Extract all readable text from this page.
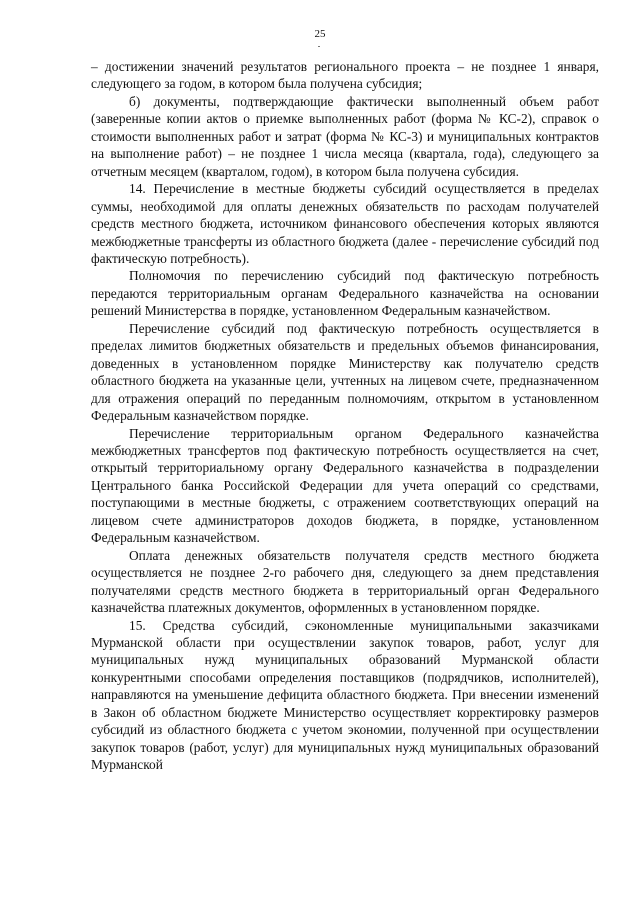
25

– достижении значений результатов регионального проекта – не позднее 1 января, следующего за годом, в котором была получена субсидия;

б) документы, подтверждающие фактически выполненный объем работ (заверенные копии актов о приемке выполненных работ (форма № КС-2), справок о стоимости выполненных работ и затрат (форма № КС-3) и муниципальных контрактов на выполнение работ) – не позднее 1 числа месяца (квартала, года), следующего за отчетным месяцем (кварталом, годом), в котором была получена субсидия.

14. Перечисление в местные бюджеты субсидий осуществляется в пределах суммы, необходимой для оплаты денежных обязательств по расходам получателей средств местного бюджета, источником финансового обеспечения которых являются межбюджетные трансферты из областного бюджета (далее - перечисление субсидий под фактическую потребность).

Полномочия по перечислению субсидий под фактическую потребность передаются территориальным органам Федерального казначейства на основании решений Министерства в порядке, установленном Федеральным казначейством.

Перечисление субсидий под фактическую потребность осуществляется в пределах лимитов бюджетных обязательств и предельных объемов финансирования, доведенных в установленном порядке Министерству как получателю средств областного бюджета на указанные цели, учтенных на лицевом счете, предназначенном для отражения операций по переданным полномочиям, открытом в установленном Федеральным казначейством порядке.

Перечисление территориальным органом Федерального казначейства межбюджетных трансфертов под фактическую потребность осуществляется на счет, открытый территориальному органу Федерального казначейства в подразделении Центрального банка Российской Федерации для учета операций со средствами, поступающими в местные бюджеты, с отражением соответствующих операций на лицевом счете администраторов доходов бюджета, в порядке, установленном Федеральным казначейством.

Оплата денежных обязательств получателя средств местного бюджета осуществляется не позднее 2-го рабочего дня, следующего за днем представления получателями средств местного бюджета в территориальный орган Федерального казначейства платежных документов, оформленных в установленном порядке.

15. Средства субсидий, сэкономленные муниципальными заказчиками Мурманской области при осуществлении закупок товаров, работ, услуг для муниципальных нужд муниципальных образований Мурманской области конкурентными способами определения поставщиков (подрядчиков, исполнителей), направляются на уменьшение дефицита областного бюджета. При внесении изменений в Закон об областном бюджете Министерство осуществляет корректировку размеров субсидий из областного бюджета с учетом экономии, полученной при осуществлении закупок товаров (работ, услуг) для муниципальных нужд муниципальных образований Мурманской
